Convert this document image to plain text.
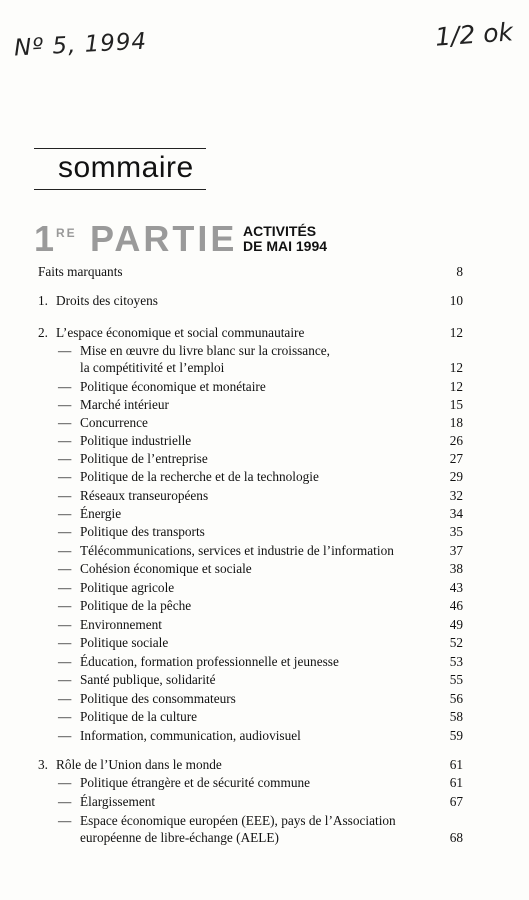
Nº 5, 1994	1/2 ok
sommaire
1 RE PARTIE ACTIVITÉS
DE MAI 1994
Faits marquants	8
1. Droits des citoyens	10
2. L’espace économique et social communautaire	12
— Mise en œuvre du livre blanc sur la croissance,
la compétitivité et l’emploi	12
— Politique économique et monétaire	12
— Marché intérieur	15
— Concurrence	18
— Politique industrielle	26
— Politique de l’entreprise	27
— Politique de la recherche et de la technologie	29
— Réseaux transeuropéens	32
— Énergie	34
— Politique des transports	35
— Télécommunications, services et industrie de l’information	37
— Cohésion économique et sociale	38
— Politique agricole	43
— Politique de la pêche	46
— Environnement	49
— Politique sociale	52
— Éducation, formation professionnelle et jeunesse	53
— Santé publique, solidarité	55
— Politique des consommateurs	56
— Politique de la culture	58
— Information, communication, audiovisuel	59
3. Rôle de l’Union dans le monde	61
— Politique étrangère et de sécurité commune	61
— Élargissement	67
— Espace économique européen (EEE), pays de l’Association
européenne de libre-échange (AELE)	68
